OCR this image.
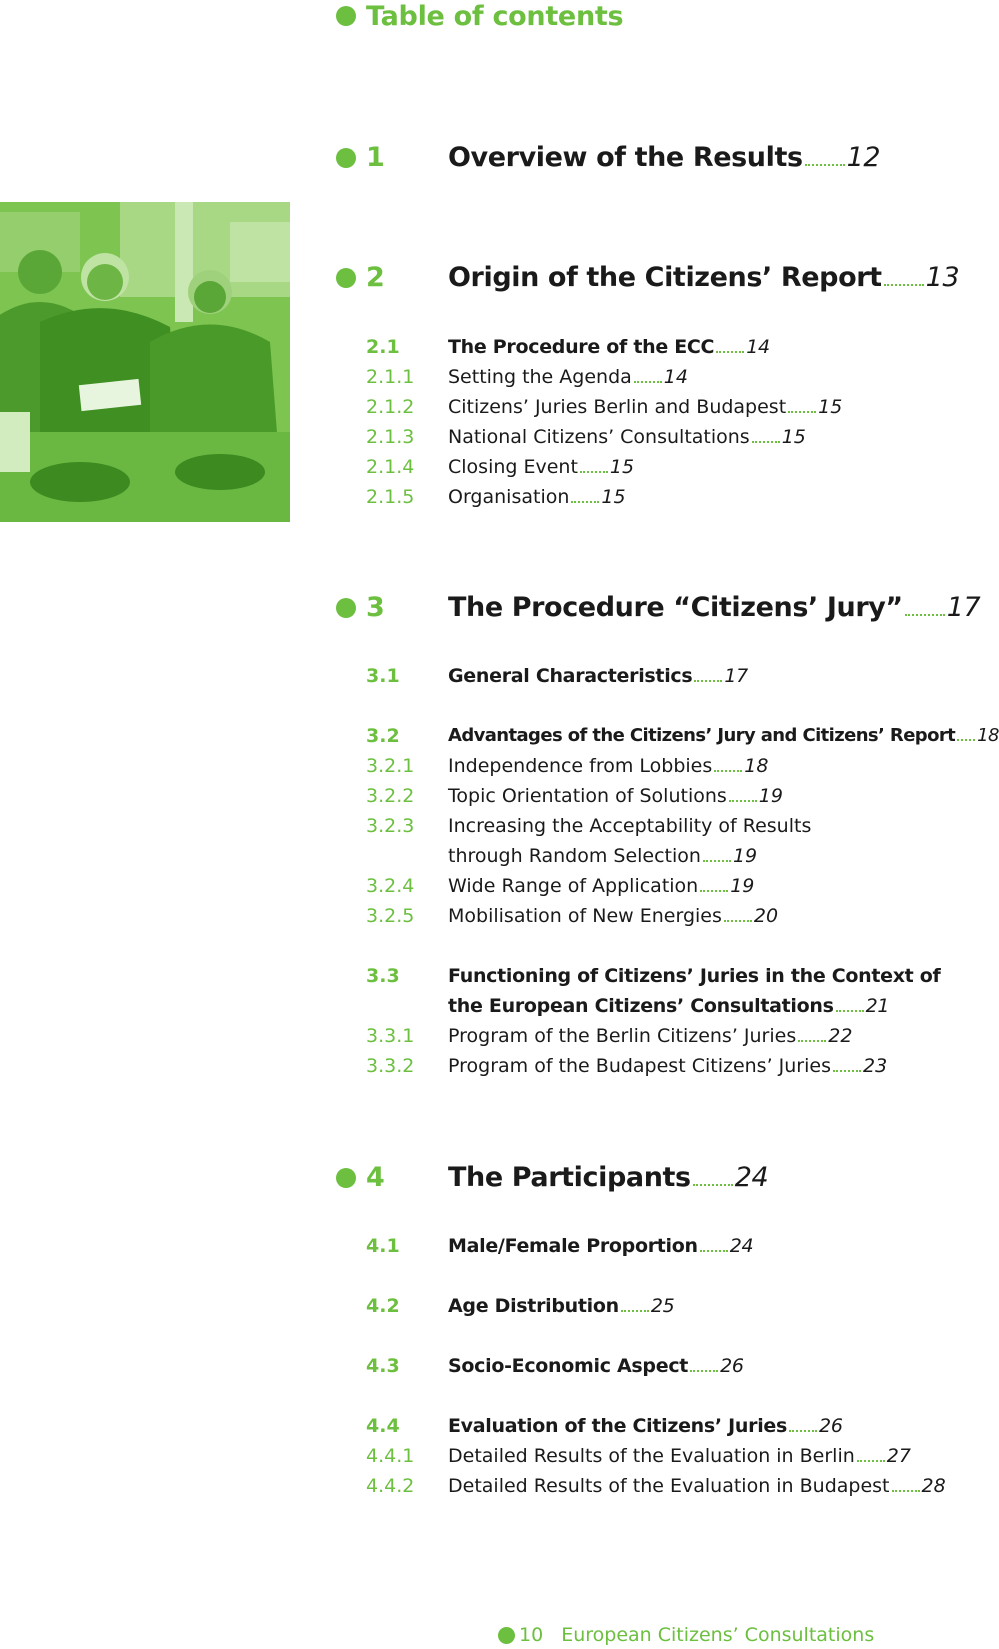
Table of contents
1 Overview of the Results 12
2 Origin of the Citizens’ Report 13
2.1	The Procedure of the ECC 14
2.1.1 Setting the Agenda 14
2.1.2 Citizens’ Juries Berlin and Budapest 15
2.1.3 National Citizens’ Consultations 15
2.1.4 Closing Event 15
2.1.5 Organisation 15
3 The Procedure “Citizens’ Jury” 17
3.1	General Characteristics 17
3.2	Advantages of the Citizens’ Jury and Citizens’ Report 18
3.2.1 Independence from Lobbies 18
3.2.2 Topic Orientation of Solutions 19
3.2.3 Increasing the Acceptability of Results
through Random Selection 19
3.2.4 Wide Range of Application 19
3.2.5 Mobilisation of New Energies 20
3.3	Functioning of Citizens’ Juries in the Context of
the European Citizens’ Consultations 21
3.3.1 Program of the Berlin Citizens’ Juries 22
3.3.2 Program of the Budapest Citizens’ Juries 23
4 The Participants 24
4.1	Male/Female Proportion 24
4.2	Age Distribution 25
4.3	Socio-Economic Aspect 26
4.4	Evaluation of the Citizens’ Juries 26
4.4.1 Detailed Results of the Evaluation in Berlin 27
4.4.2 Detailed Results of the Evaluation in Budapest 28
10 European Citizens’ Consultations
